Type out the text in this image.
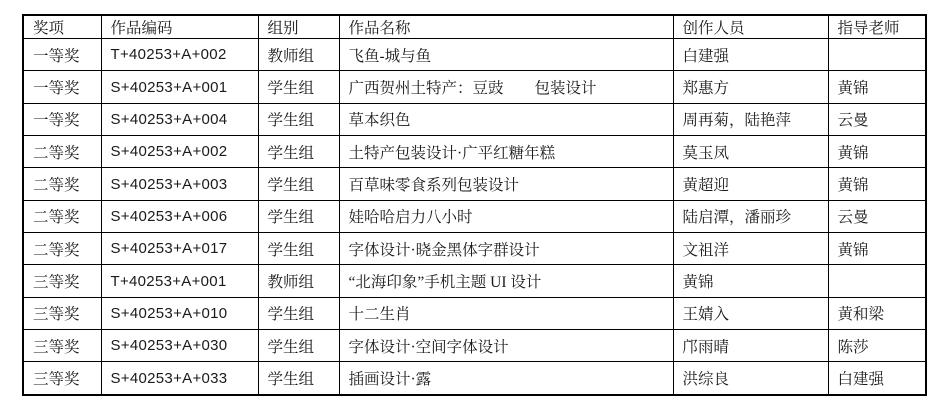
奖项	作品编码	组别	作品名称	创作人员	指导老师
一等奖	T+40253+A+002	教师组	飞鱼-城与鱼	白建强	
一等奖	S+40253+A+001	学生组	广西贺州土特产：豆豉　　包装设计	郑惠方	黄锦
一等奖	S+40253+A+004	学生组	草本织色	周再菊，陆艳萍	云曼
二等奖	S+40253+A+002	学生组	土特产包装设计·广平红糖年糕	莫玉凤	黄锦
二等奖	S+40253+A+003	学生组	百草味零食系列包装设计	黄超迎	黄锦
二等奖	S+40253+A+006	学生组	娃哈哈启力八小时	陆启潭，潘丽珍	云曼
二等奖	S+40253+A+017	学生组	字体设计·晓金黑体字群设计	文祖洋	黄锦
三等奖	T+40253+A+001	教师组	“北海印象”手机主题 UI 设计	黄锦	
三等奖	S+40253+A+010	学生组	十二生肖	王婧入	黄和梁
三等奖	S+40253+A+030	学生组	字体设计·空间字体设计	邝雨晴	陈莎
三等奖	S+40253+A+033	学生组	插画设计·露	洪综良	白建强
